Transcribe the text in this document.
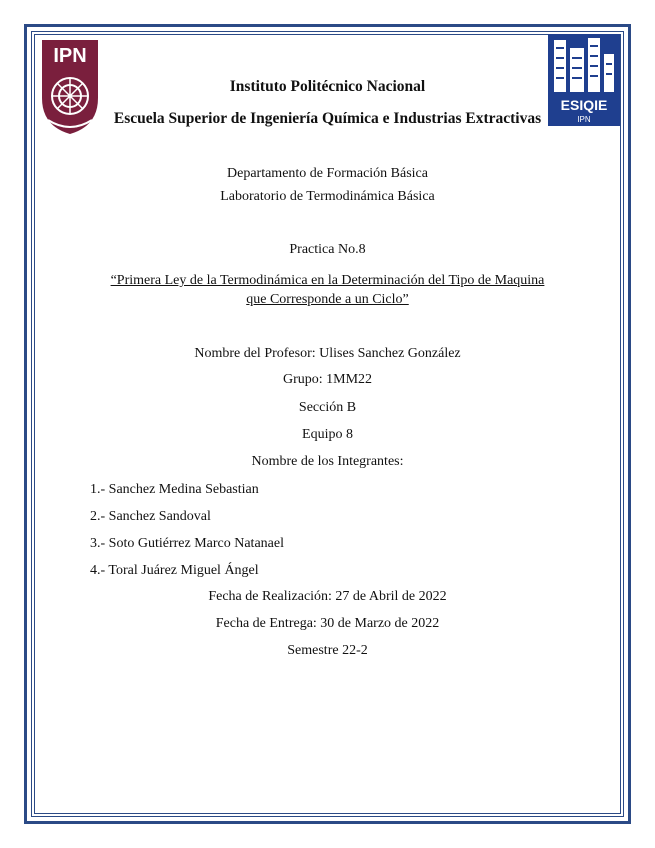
IPN
ESIQIE
IPN
Instituto Politécnico Nacional
Escuela Superior de Ingeniería Química e Industrias Extractivas
Departamento de Formación Básica
Laboratorio de Termodinámica Básica
Practica No.8
“Primera Ley de la Termodinámica en la Determinación del Tipo de Maquina
que Corresponde a un Ciclo”
Nombre del Profesor: Ulises Sanchez González
Grupo: 1MM22
Sección B
Equipo 8
Nombre de los Integrantes:
1.- Sanchez Medina Sebastian
2.- Sanchez Sandoval
3.- Soto Gutiérrez Marco Natanael
4.- Toral Juárez Miguel Ángel
Fecha de Realización: 27 de Abril de 2022
Fecha de Entrega: 30 de Marzo de 2022
Semestre 22-2
